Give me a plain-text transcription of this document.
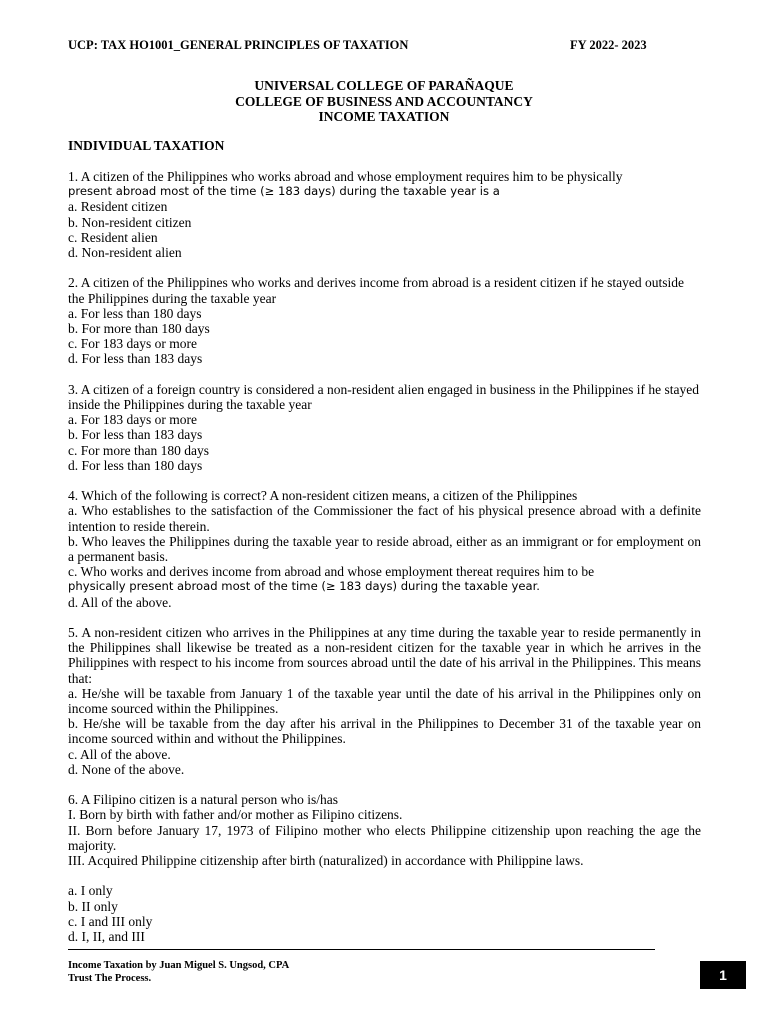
UCP: TAX HO1001_GENERAL PRINCIPLES OF TAXATION	FY 2022- 2023
UNIVERSAL COLLEGE OF PARAÑAQUE
COLLEGE OF BUSINESS AND ACCOUNTANCY
INCOME TAXATION
INDIVIDUAL TAXATION

1. A citizen of the Philippines who works abroad and whose employment requires him to be physically

present abroad most of the time (≥ 183 days) during the taxable year is a

a. Resident citizen

b. Non-resident citizen

c. Resident alien

d. Non-resident alien

2. A citizen of the Philippines who works and derives income from abroad is a resident citizen if he stayed outside the Philippines during the taxable year

a. For less than 180 days

b. For more than 180 days

c. For 183 days or more

d. For less than 183 days

3. A citizen of a foreign country is considered a non-resident alien engaged in business in the Philippines if he stayed inside the Philippines during the taxable year

a. For 183 days or more

b. For less than 183 days

c. For more than 180 days

d. For less than 180 days

4. Which of the following is correct? A non-resident citizen means, a citizen of the Philippines

a. Who establishes to the satisfaction of the Commissioner the fact of his physical presence abroad with a definite intention to reside therein.

b. Who leaves the Philippines during the taxable year to reside abroad, either as an immigrant or for employment on a permanent basis.

c. Who works and derives income from abroad and whose employment thereat requires him to be

physically present abroad most of the time (≥ 183 days) during the taxable year.

d. All of the above.

5. A non-resident citizen who arrives in the Philippines at any time during the taxable year to reside permanently in the Philippines shall likewise be treated as a non-resident citizen for the taxable year in which he arrives in the Philippines with respect to his income from sources abroad until the date of his arrival in the Philippines. This means that:

a. He/she will be taxable from January 1 of the taxable year until the date of his arrival in the Philippines only on income sourced within the Philippines.

b. He/she will be taxable from the day after his arrival in the Philippines to December 31 of the taxable year on income sourced within and without the Philippines.

c. All of the above.

d. None of the above.

6. A Filipino citizen is a natural person who is/has

I. Born by birth with father and/or mother as Filipino citizens.

II. Born before January 17, 1973 of Filipino mother who elects Philippine citizenship upon reaching the age the majority.

III. Acquired Philippine citizenship after birth (naturalized) in accordance with Philippine laws.

a. I only

b. II only

c. I and III only

d. I, II, and III

Income Taxation by Juan Miguel S. Ungsod, CPA
Trust The Process.	1
